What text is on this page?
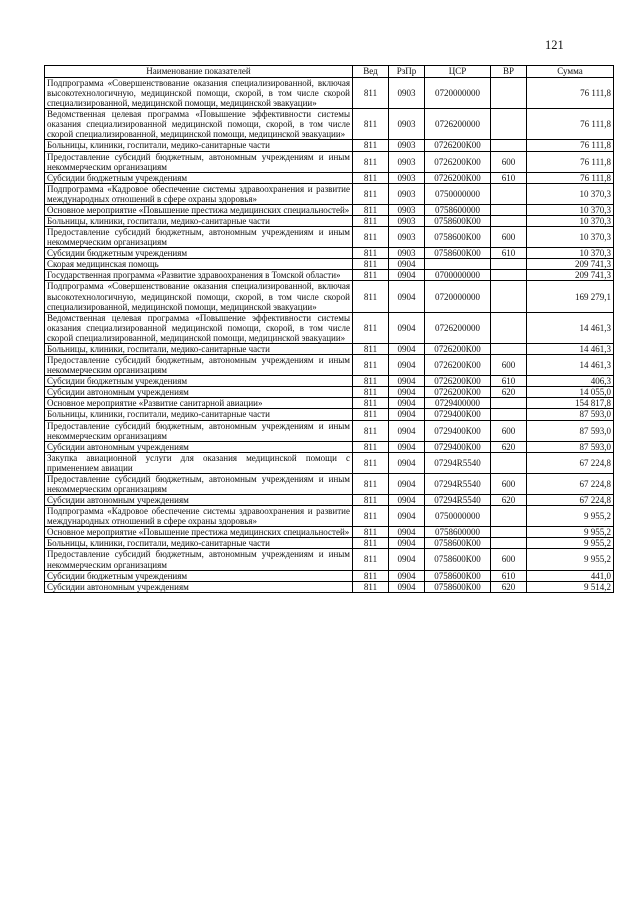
121
Наименование показателей	Вед	РзПр	ЦСР	ВР	Сумма
Подпрограмма «Совершенствование оказания специализированной, включая высокотехнологичную, медицинской помощи, скорой, в том числе скорой специализированной, медицинской помощи, медицинской эвакуации»	811	0903	0720000000		76 111,8
Ведомственная целевая программа «Повышение эффективности системы оказания специализированной медицинской помощи, скорой, в том числе скорой специализированной, медицинской помощи, медицинской эвакуации»	811	0903	0726200000		76 111,8
Больницы, клиники, госпитали, медико-санитарные части	811	0903	0726200К00		76 111,8
Предоставление субсидий бюджетным, автономным учреждениям и иным некоммерческим организациям	811	0903	0726200К00	600	76 111,8
Субсидии бюджетным учреждениям	811	0903	0726200К00	610	76 111,8
Подпрограмма «Кадровое обеспечение системы здравоохранения и развитие международных отношений в сфере охраны здоровья»	811	0903	0750000000		10 370,3
Основное мероприятие «Повышение престижа медицинских специальностей»	811	0903	0758600000		10 370,3
Больницы, клиники, госпитали, медико-санитарные части	811	0903	0758600К00		10 370,3
Предоставление субсидий бюджетным, автономным учреждениям и иным некоммерческим организациям	811	0903	0758600К00	600	10 370,3
Субсидии бюджетным учреждениям	811	0903	0758600К00	610	10 370,3
Скорая медицинская помощь	811	0904			209 741,3
Государственная программа «Развитие здравоохранения в Томской области»	811	0904	0700000000		209 741,3
Подпрограмма «Совершенствование оказания специализированной, включая высокотехнологичную, медицинской помощи, скорой, в том числе скорой специализированной, медицинской помощи, медицинской эвакуации»	811	0904	0720000000		169 279,1
Ведомственная целевая программа «Повышение эффективности системы оказания специализированной медицинской помощи, скорой, в том числе скорой специализированной, медицинской помощи, медицинской эвакуации»	811	0904	0726200000		14 461,3
Больницы, клиники, госпитали, медико-санитарные части	811	0904	0726200К00		14 461,3
Предоставление субсидий бюджетным, автономным учреждениям и иным некоммерческим организациям	811	0904	0726200К00	600	14 461,3
Субсидии бюджетным учреждениям	811	0904	0726200К00	610	406,3
Субсидии автономным учреждениям	811	0904	0726200К00	620	14 055,0
Основное мероприятие «Развитие санитарной авиации»	811	0904	0729400000		154 817,8
Больницы, клиники, госпитали, медико-санитарные части	811	0904	0729400К00		87 593,0
Предоставление субсидий бюджетным, автономным учреждениям и иным некоммерческим организациям	811	0904	0729400К00	600	87 593,0
Субсидии автономным учреждениям	811	0904	0729400К00	620	87 593,0
Закупка авиационной услуги для оказания медицинской помощи с применением авиации	811	0904	07294R5540		67 224,8
Предоставление субсидий бюджетным, автономным учреждениям и иным некоммерческим организациям	811	0904	07294R5540	600	67 224,8
Субсидии автономным учреждениям	811	0904	07294R5540	620	67 224,8
Подпрограмма «Кадровое обеспечение системы здравоохранения и развитие международных отношений в сфере охраны здоровья»	811	0904	0750000000		9 955,2
Основное мероприятие «Повышение престижа медицинских специальностей»	811	0904	0758600000		9 955,2
Больницы, клиники, госпитали, медико-санитарные части	811	0904	0758600К00		9 955,2
Предоставление субсидий бюджетным, автономным учреждениям и иным некоммерческим организациям	811	0904	0758600К00	600	9 955,2
Субсидии бюджетным учреждениям	811	0904	0758600К00	610	441,0
Субсидии автономным учреждениям	811	0904	0758600К00	620	9 514,2
